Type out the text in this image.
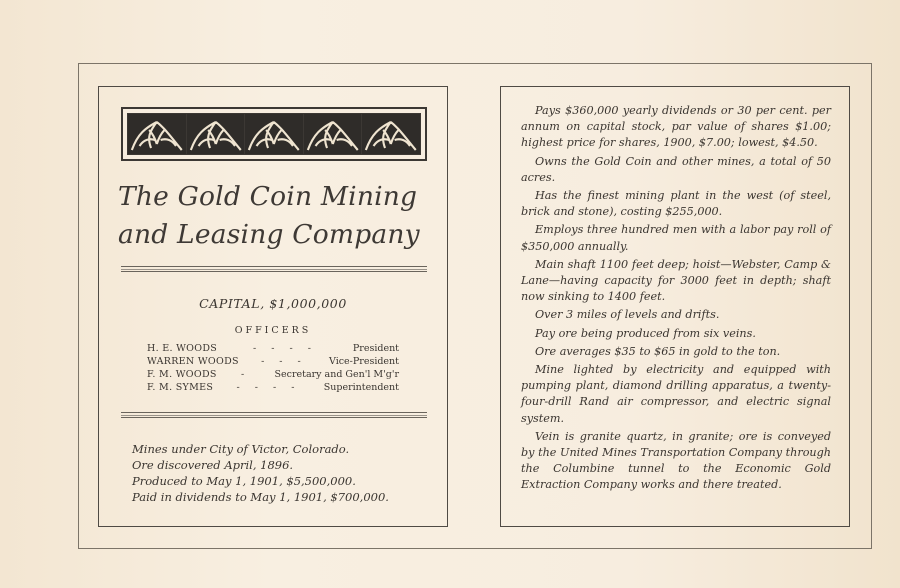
The Gold Coin Mining
and Leasing Company
CAPITAL, $1,000,000
OFFICERS
H. E. WOODS	- - - -	President
WARREN WOODS	- - -	Vice-President
F. M. WOODS	-	Secretary and Gen'l M'g'r
F. M. SYMES	- - - -	Superintendent
Mines under City of Victor, Colorado.
Ore discovered April, 1896.
Produced to May 1, 1901, $5,500,000.
Paid in dividends to May 1, 1901, $700,000.

Pays $360,000 yearly dividends or 30 per cent. per annum on capital stock, par value of shares $1.00; highest price for shares, 1900, $7.00; lowest, $4.50.

Owns the Gold Coin and other mines, a total of 50 acres.

Has the finest mining plant in the west (of steel, brick and stone), costing $255,000.

Employs three hundred men with a labor pay roll of $350,000 annually.

Main shaft 1100 feet deep; hoist—Webster, Camp & Lane—having capacity for 3000 feet in depth; shaft now sinking to 1400 feet.

Over 3 miles of levels and drifts.

Pay ore being produced from six veins.

Ore averages $35 to $65 in gold to the ton.

Mine lighted by electricity and equipped with pumping plant, diamond drilling apparatus, a twenty-four-drill Rand air compressor, and electric signal system.

Vein is granite quartz, in granite; ore is conveyed by the United Mines Transportation Company through the Columbine tunnel to the Economic Gold Extraction Company works and there treated.
